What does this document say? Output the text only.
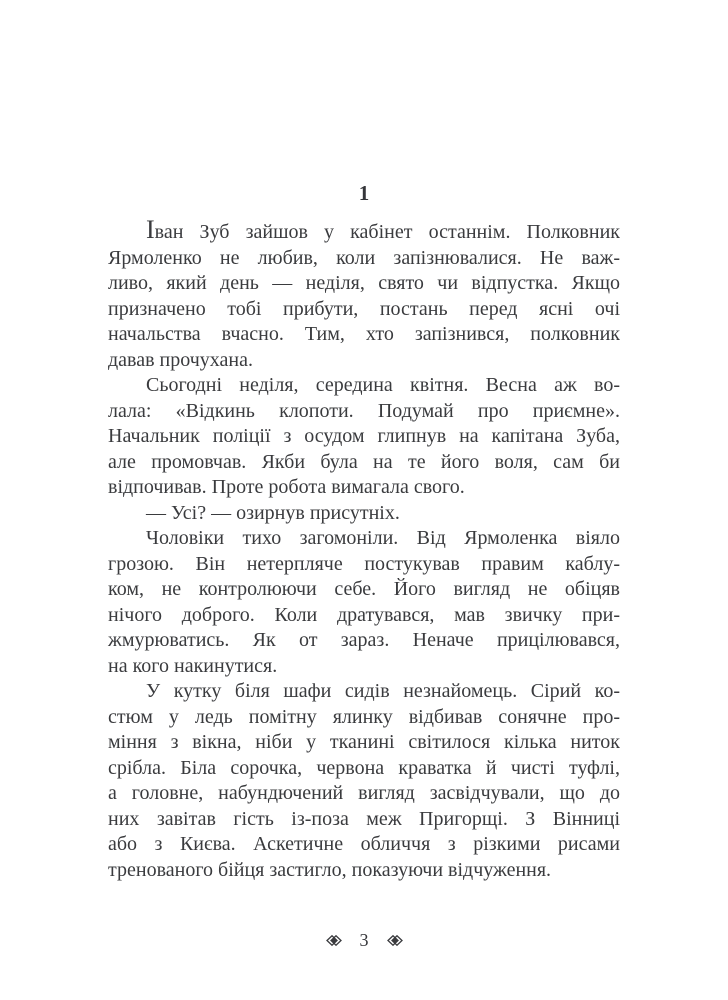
1
Іван Зуб зайшов у кабінет останнім. Полковник
Ярмоленко не любив, коли запізнювалися. Не важ-
ливо, який день — неділя, свято чи відпустка. Якщо
призначено тобі прибути, постань перед ясні очі
начальства вчасно. Тим, хто запізнився, полковник
давав прочухана.
Сьогодні неділя, середина квітня. Весна аж во-
лала: «Відкинь клопоти. Подумай про приємне».
Начальник поліції з осудом глипнув на капітана Зуба,
але промовчав. Якби була на те його воля, сам би
відпочивав. Проте робота вимагала свого.
— Усі? — озирнув присутніх.
Чоловіки тихо загомоніли. Від Ярмоленка віяло
грозою. Він нетерпляче постукував правим каблу-
ком, не контролюючи себе. Його вигляд не обіцяв
нічого доброго. Коли дратувався, мав звичку при-
жмурюватись. Як от зараз. Неначе прицілювався,
на кого накинутися.
У кутку біля шафи сидів незнайомець. Сірий ко-
стюм у ледь помітну ялинку відбивав сонячне про-
міння з вікна, ніби у тканині світилося кілька ниток
срібла. Біла сорочка, червона краватка й чисті туфлі,
а головне, набундючений вигляд засвідчували, що до
них завітав гість із-поза меж Пригорщі. З Вінниці
або з Києва. Аскетичне обличчя з різкими рисами
тренованого бійця застигло, показуючи відчуження.
3
